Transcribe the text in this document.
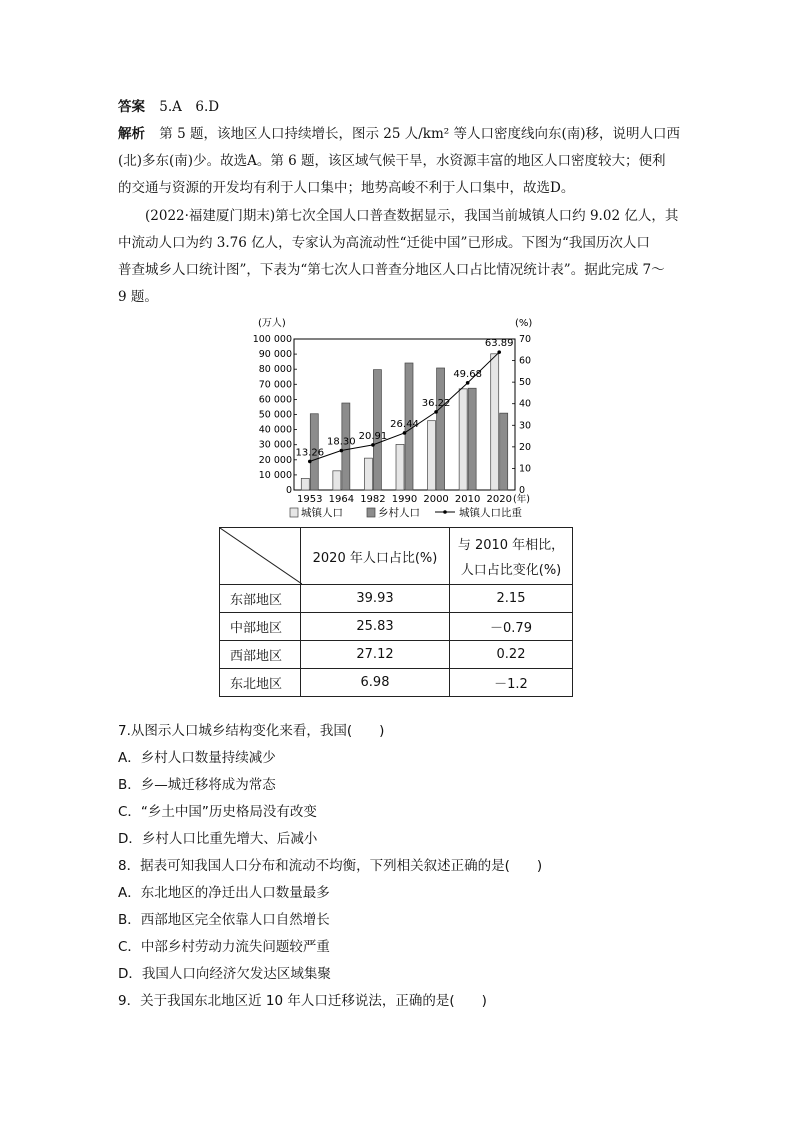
答案 5.A　6.D
解析 第 5 题，该地区人口持续增长，图示 25 人/km² 等人口密度线向东(南)移，说明人口西
(北)多东(南)少。故选A。第 6 题，该区域气候干旱，水资源丰富的地区人口密度较大；便利
的交通与资源的开发均有利于人口集中；地势高峻不利于人口集中，故选D。
(2022·福建厦门期末)第七次全国人口普查数据显示，我国当前城镇人口约 9.02 亿人，其
中流动人口为约 3.76 亿人，专家认为高流动性“迁徙中国”已形成。下图为“我国历次人口
普查城乡人口统计图”，下表为“第七次人口普查分地区人口占比情况统计表”。据此完成 7～
9 题。
0
10 000
20 000
30 000
40 000
50 000
60 000
70 000
80 000
90 000
100 000
0
10
20
30
40
50
60
70
(万人)	(%)
1953 1964 1982 1990 2000 2010 2020 (年)
13.26
18.30
20.91
26.44
36.22
49.68
63.89
城镇人口	乡村人口	城镇人口比重
	2020 年人口占比(%)	与 2010 年相比，
人口占比变化(%)

东部地区	39.93	2.15
中部地区	25.83	－0.79
西部地区	27.12	0.22
东北地区	6.98	－1.2
7.从图示人口城乡结构变化来看，我国(　　)
A．乡村人口数量持续减少
B．乡—城迁移将成为常态
C．“乡土中国”历史格局没有改变
D．乡村人口比重先增大、后减小
8．据表可知我国人口分布和流动不均衡，下列相关叙述正确的是(　　)
A．东北地区的净迁出人口数量最多
B．西部地区完全依靠人口自然增长
C．中部乡村劳动力流失问题较严重
D．我国人口向经济欠发达区域集聚
9．关于我国东北地区近 10 年人口迁移说法，正确的是(　　)
